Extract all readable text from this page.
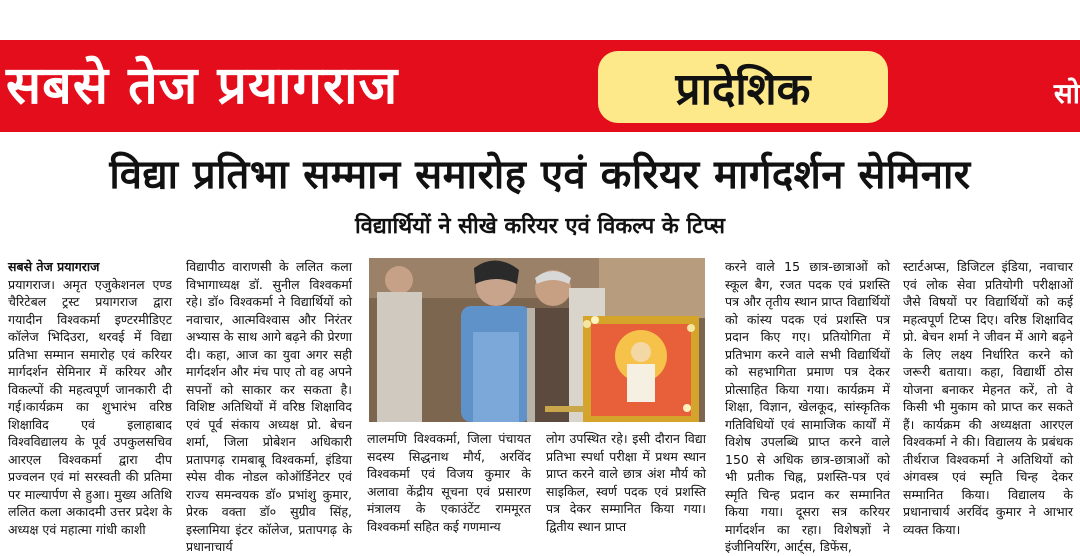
सबसे तेज प्रयागराज	प्रादेशिक	सो
विद्या प्रतिभा सम्मान समारोह एवं करियर मार्गदर्शन सेमिनार
विद्यार्थियों ने सीखे करियर एवं विकल्प के टिप्स

सबसे तेज प्रयागराज

प्रयागराज। अमृत एजुकेशनल एण्ड चैरिटेबल ट्रस्ट प्रयागराज द्वारा गयादीन विश्वकर्मा इण्टरमीडिएट कॉलेज भिदिउरा, थरवई में विद्या प्रतिभा सम्मान समारोह एवं करियर मार्गदर्शन सेमिनार में करियर और विकल्पों की महत्वपूर्ण जानकारी दी गई।कार्यक्रम का शुभारंभ वरिष्ठ शिक्षाविद एवं इलाहाबाद विश्वविद्यालय के पूर्व उपकुलसचिव आरएल विश्वकर्मा द्वारा दीप प्रज्वलन एवं मां सरस्वती की प्रतिमा पर माल्यार्पण से हुआ। मुख्य अतिथि ललित कला अकादमी उत्तर प्रदेश के अध्यक्ष एवं महात्मा गांधी काशी

विद्यापीठ वाराणसी के ललित कला विभागाध्यक्ष डॉ. सुनील विश्वकर्मा रहे। डॉ० विश्वकर्मा ने विद्यार्थियों को नवाचार, आत्मविश्वास और निरंतर अभ्यास के साथ आगे बढ़ने की प्रेरणा दी। कहा, आज का युवा अगर सही मार्गदर्शन और मंच पाए तो वह अपने सपनों को साकार कर सकता है।विशिष्ट अतिथियों में वरिष्ठ शिक्षाविद एवं पूर्व संकाय अध्यक्ष प्रो. बेचन शर्मा, जिला प्रोबेशन अधिकारी प्रतापगढ़ रामबाबू विश्वकर्मा, इंडिया स्पेस वीक नोडल कोऑर्डिनेटर एवं राज्य समन्वयक डॉ० प्रभांशु कुमार, प्रेरक वक्ता डॉ० सुग्रीव सिंह, इस्लामिया इंटर कॉलेज, प्रतापगढ़ के प्रधानाचार्य

लालमणि विश्वकर्मा, जिला पंचायत सदस्य सिद्धनाथ मौर्य, अरविंद विश्वकर्मा एवं विजय कुमार के अलावा केंद्रीय सूचना एवं प्रसारण मंत्रालय के एकाउंटेंट राममूरत विश्वकर्मा सहित कई गणमान्य

लोग उपस्थित रहे। इसी दौरान विद्या प्रतिभा स्पर्धा परीक्षा में प्रथम स्थान प्राप्त करने वाले छात्र अंश मौर्य को साइकिल, स्वर्ण पदक एवं प्रशस्ति पत्र देकर सम्मानित किया गया। द्वितीय स्थान प्राप्त

करने वाले 15 छात्र-छात्राओं को स्कूल बैग, रजत पदक एवं प्रशस्ति पत्र और तृतीय स्थान प्राप्त विद्यार्थियों को कांस्य पदक एवं प्रशस्ति पत्र प्रदान किए गए। प्रतियोगिता में प्रतिभाग करने वाले सभी विद्यार्थियों को सहभागिता प्रमाण पत्र देकर प्रोत्साहित किया गया। कार्यक्रम में शिक्षा, विज्ञान, खेलकूद, सांस्कृतिक गतिविधियों एवं सामाजिक कार्यों में विशेष उपलब्धि प्राप्त करने वाले 150 से अधिक छात्र-छात्राओं को भी प्रतीक चिह्न, प्रशस्ति-पत्र एवं स्मृति चिन्ह प्रदान कर सम्मानित किया गया। दूसरा सत्र करियर मार्गदर्शन का रहा। विशेषज्ञों ने इंजीनियरिंग, आर्ट्स, डिफेंस,

स्टार्टअप्स, डिजिटल इंडिया, नवाचार एवं लोक सेवा प्रतियोगी परीक्षाओं जैसे विषयों पर विद्यार्थियों को कई महत्वपूर्ण टिप्स दिए। वरिष्ठ शिक्षाविद प्रो. बेचन शर्मा ने जीवन में आगे बढ़ने के लिए लक्ष्य निर्धारित करने को जरूरी बताया। कहा, विद्यार्थी ठोस योजना बनाकर मेहनत करें, तो वे किसी भी मुकाम को प्राप्त कर सकते हैं। कार्यक्रम की अध्यक्षता आरएल विश्वकर्मा ने की। विद्यालय के प्रबंधक तीर्थराज विश्वकर्मा ने अतिथियों को अंगवस्त्र एवं स्मृति चिन्ह देकर सम्मानित किया। विद्यालय के प्रधानाचार्य अरविंद कुमार ने आभार व्यक्त किया।
